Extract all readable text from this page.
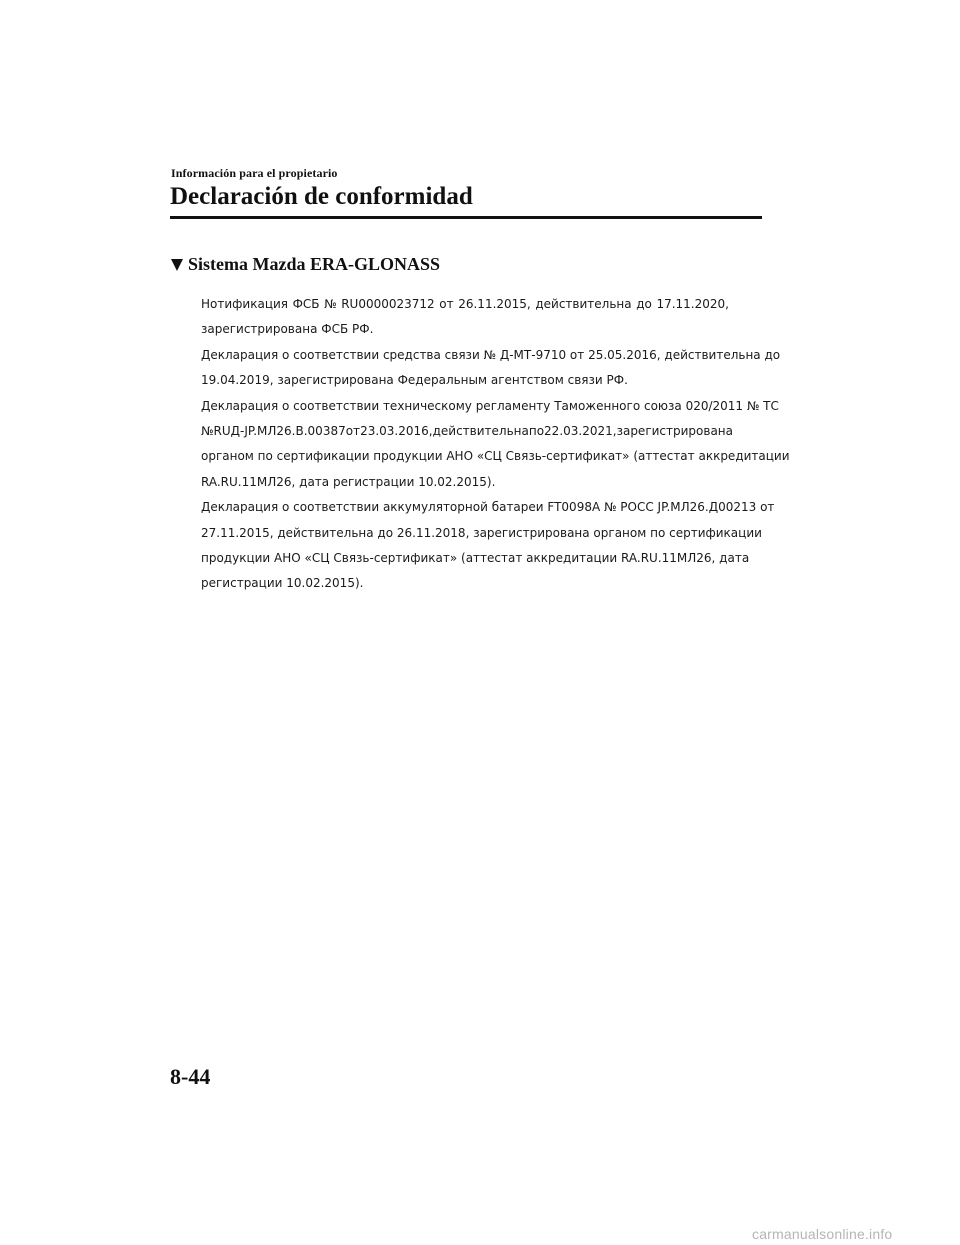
Información para el propietario
Declaración de conformidad
Sistema Mazda ERA-GLONASS
Нотификация ФСБ № RU0000023712 от 26.11.2015, действительна до 17.11.2020,
зарегистрирована ФСБ РФ.
Декларация о соответствии средства связи № Д-МТ-9710 от 25.05.2016, действительна до
19.04.2019, зарегистрирована Федеральным агентством связи РФ.
Декларация о соответствии техническому регламенту Таможенного союза 020/2011 № ТС
№ RU Д-JP.МЛ26.В.00387 от 23.03.2016, действительна по 22.03.2021, зарегистрирована
органом по сертификации продукции АНО «СЦ Связь-сертификат» (аттестат аккредитации
RA.RU.11МЛ26, дата регистрации 10.02.2015).
Декларация о соответствии аккумуляторной батареи FT0098A № РОСС JP.МЛ26.Д00213 от
27.11.2015, действительна до 26.11.2018, зарегистрирована органом по сертификации
продукции АНО «СЦ Связь-сертификат» (аттестат аккредитации RA.RU.11МЛ26, дата
регистрации 10.02.2015).
8-44
carmanualsonline.info
